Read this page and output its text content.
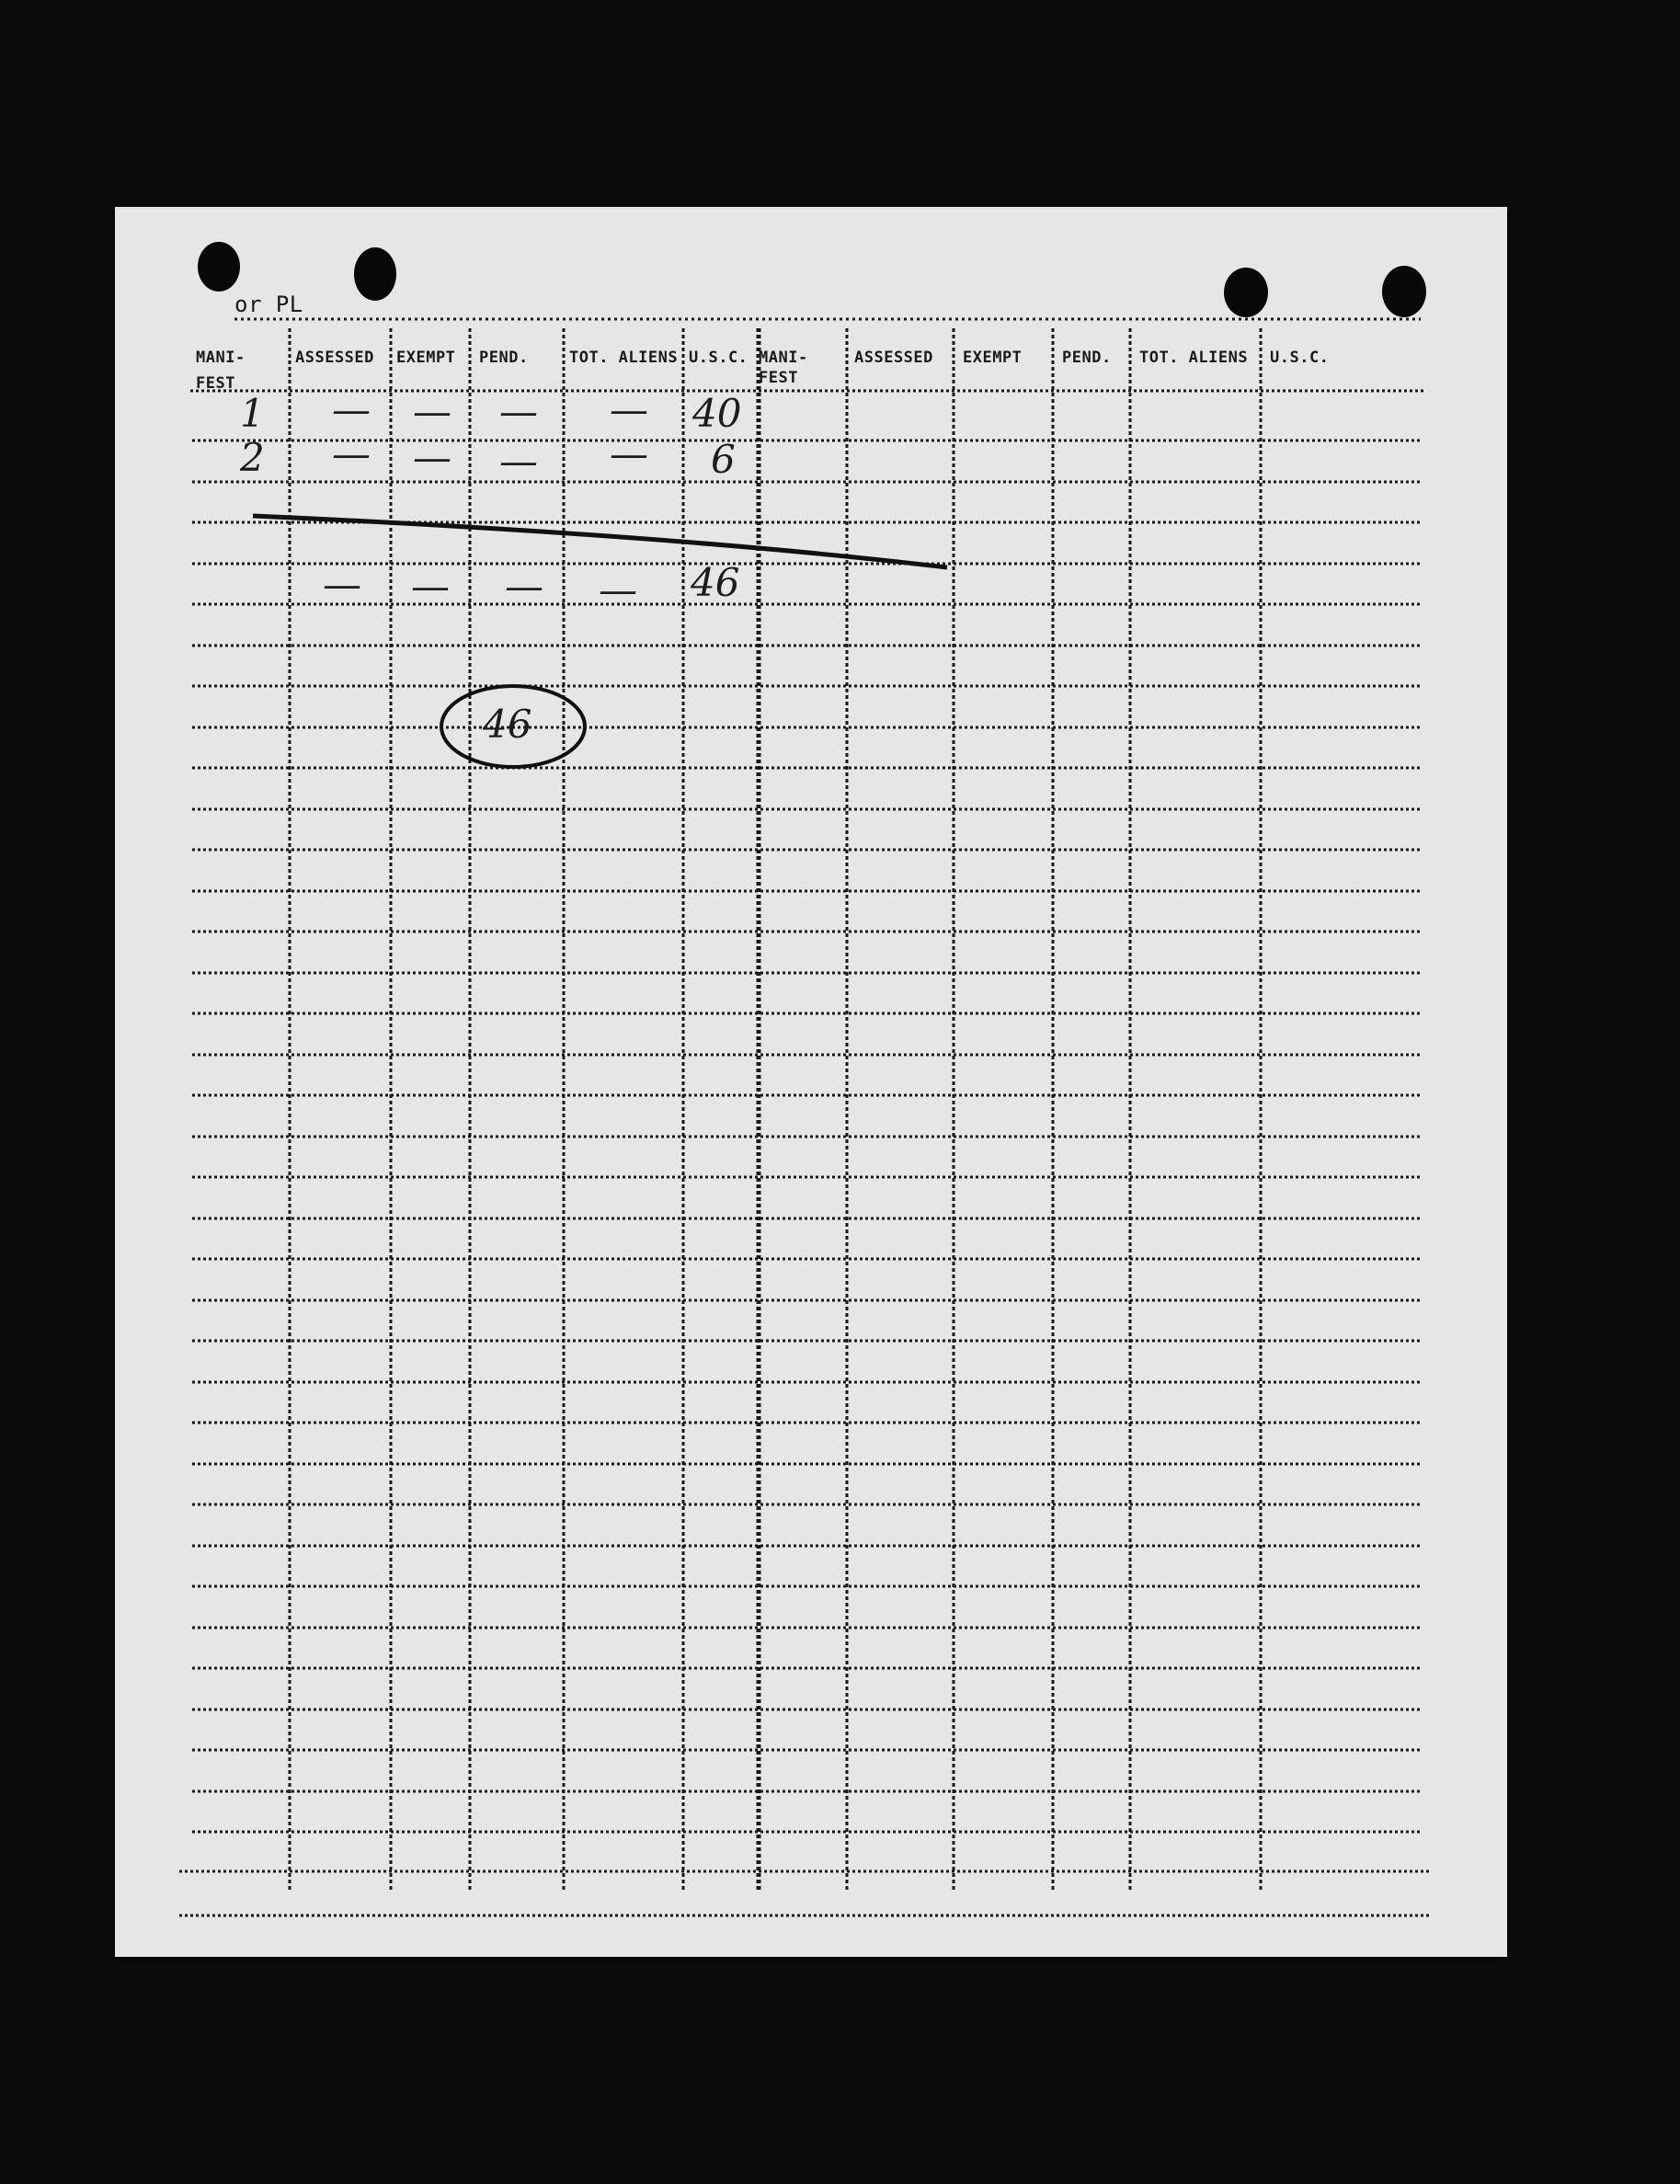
or PL
MANI-
FEST
ASSESSED EXEMPT PEND.	TOT. ALIENS U.S.C. MANI-
FEST
ASSESSED EXEMPT	PEND. TOT. ALIENS U.S.C.
1 — — — — 40
2 — — — — 6
— — — — 46
46
